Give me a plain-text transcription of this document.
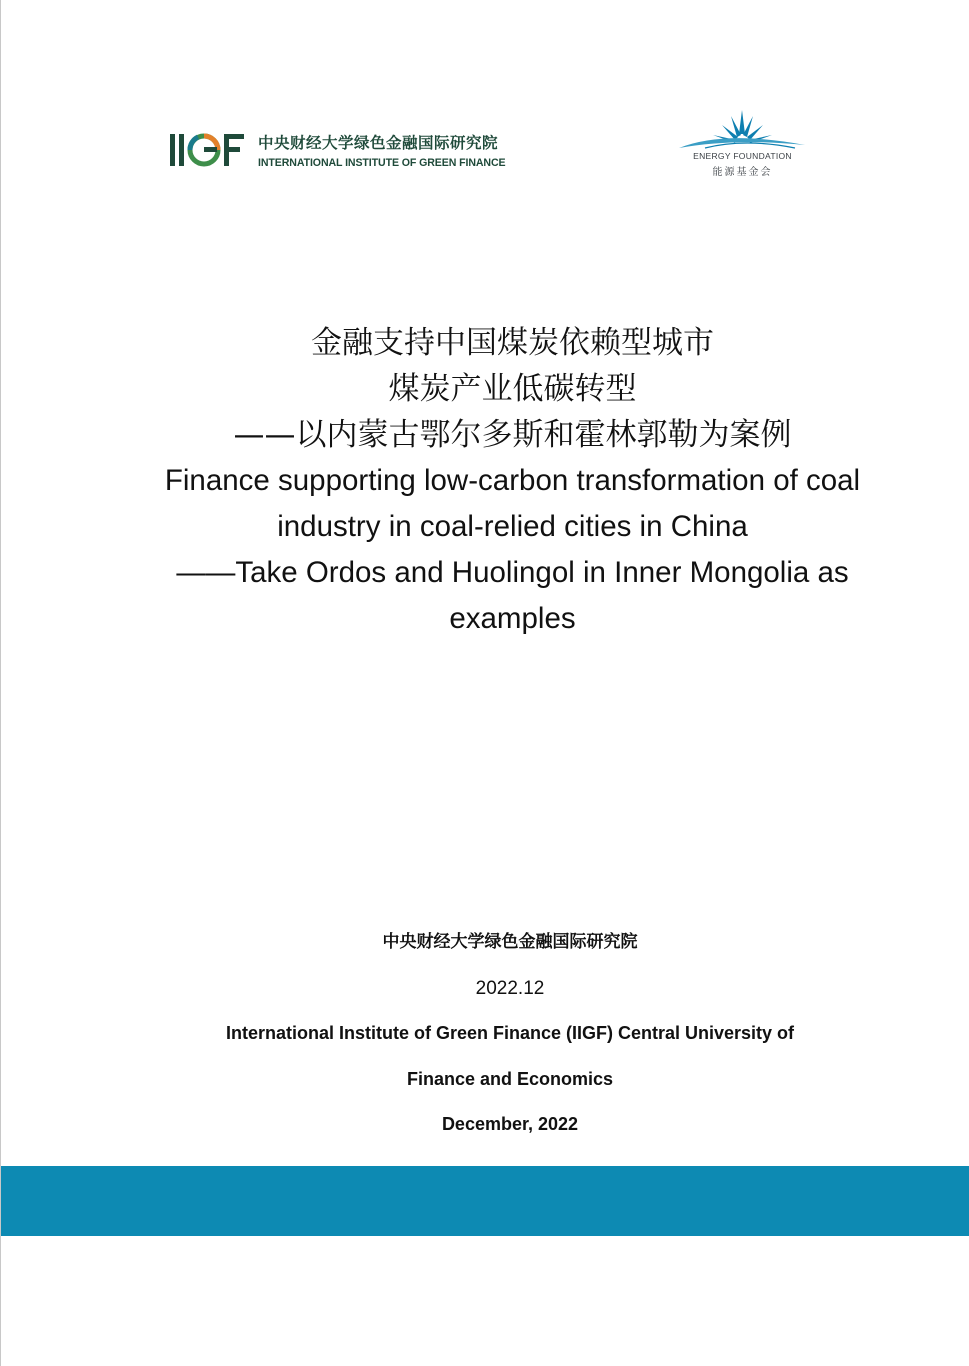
中央财经大学绿色金融国际研究院
INTERNATIONAL INSTITUTE OF GREEN FINANCE
ENERGY FOUNDATION
能源基金会
金融支持中国煤炭依赖型城市
煤炭产业低碳转型
——以内蒙古鄂尔多斯和霍林郭勒为案例
Finance supporting low-carbon transformation of coal
industry in coal-relied cities in China
——Take Ordos and Huolingol in Inner Mongolia as
examples
中央财经大学绿色金融国际研究院
2022.12
International Institute of Green Finance (IIGF) Central University of
Finance and Economics
December, 2022
